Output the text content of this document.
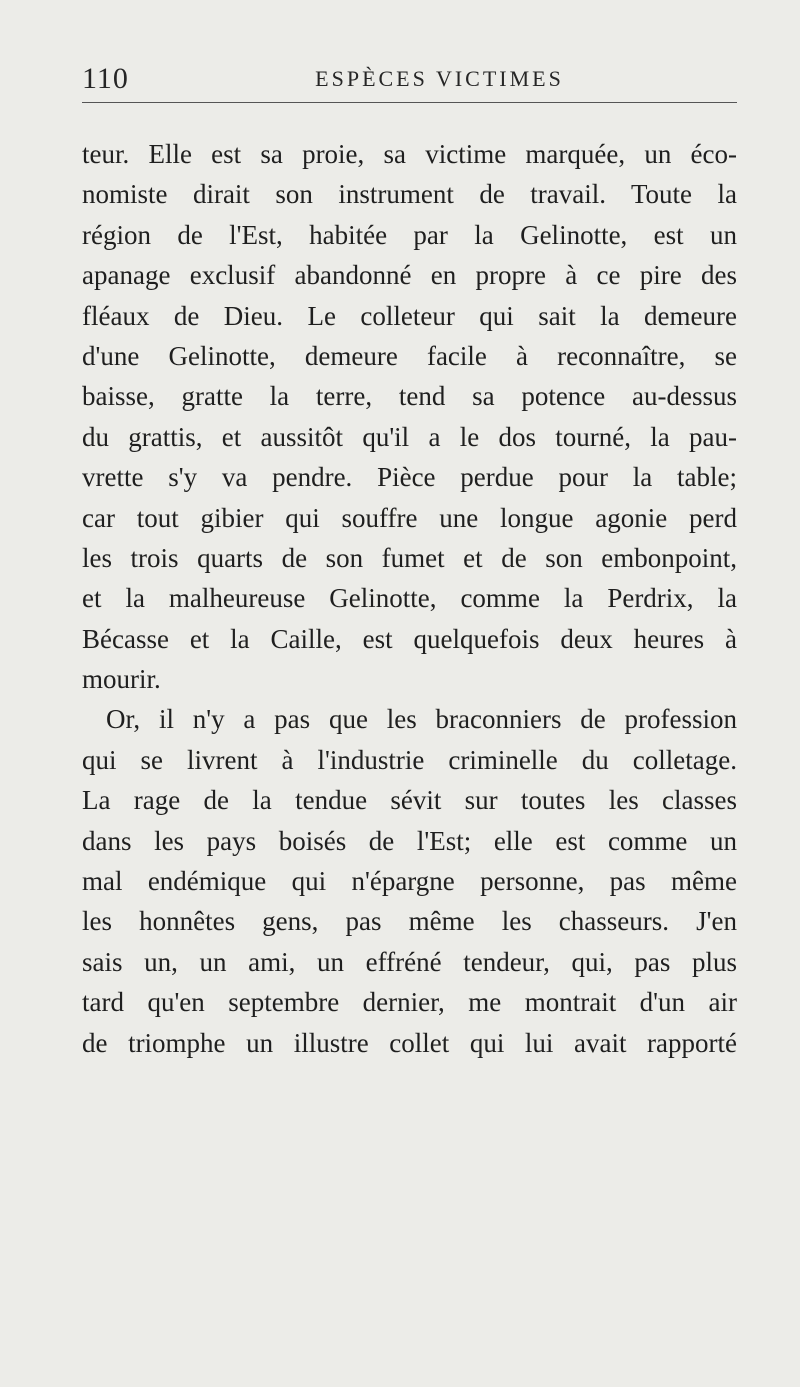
110	ESPÈCES VICTIMES
teur. Elle est sa proie, sa victime marquée, un éco-
nomiste dirait son instrument de travail. Toute la
région de l'Est, habitée par la Gelinotte, est un
apanage exclusif abandonné en propre à ce pire des
fléaux de Dieu. Le colleteur qui sait la demeure
d'une Gelinotte, demeure facile à reconnaître, se
baisse, gratte la terre, tend sa potence au-dessus
du grattis, et aussitôt qu'il a le dos tourné, la pau-
vrette s'y va pendre. Pièce perdue pour la table;
car tout gibier qui souffre une longue agonie perd
les trois quarts de son fumet et de son embonpoint,
et la malheureuse Gelinotte, comme la Perdrix, la
Bécasse et la Caille, est quelquefois deux heures à
mourir.
Or, il n'y a pas que les braconniers de profession
qui se livrent à l'industrie criminelle du colletage.
La rage de la tendue sévit sur toutes les classes
dans les pays boisés de l'Est; elle est comme un
mal endémique qui n'épargne personne, pas même
les honnêtes gens, pas même les chasseurs. J'en
sais un, un ami, un effréné tendeur, qui, pas plus
tard qu'en septembre dernier, me montrait d'un air
de triomphe un illustre collet qui lui avait rapporté
